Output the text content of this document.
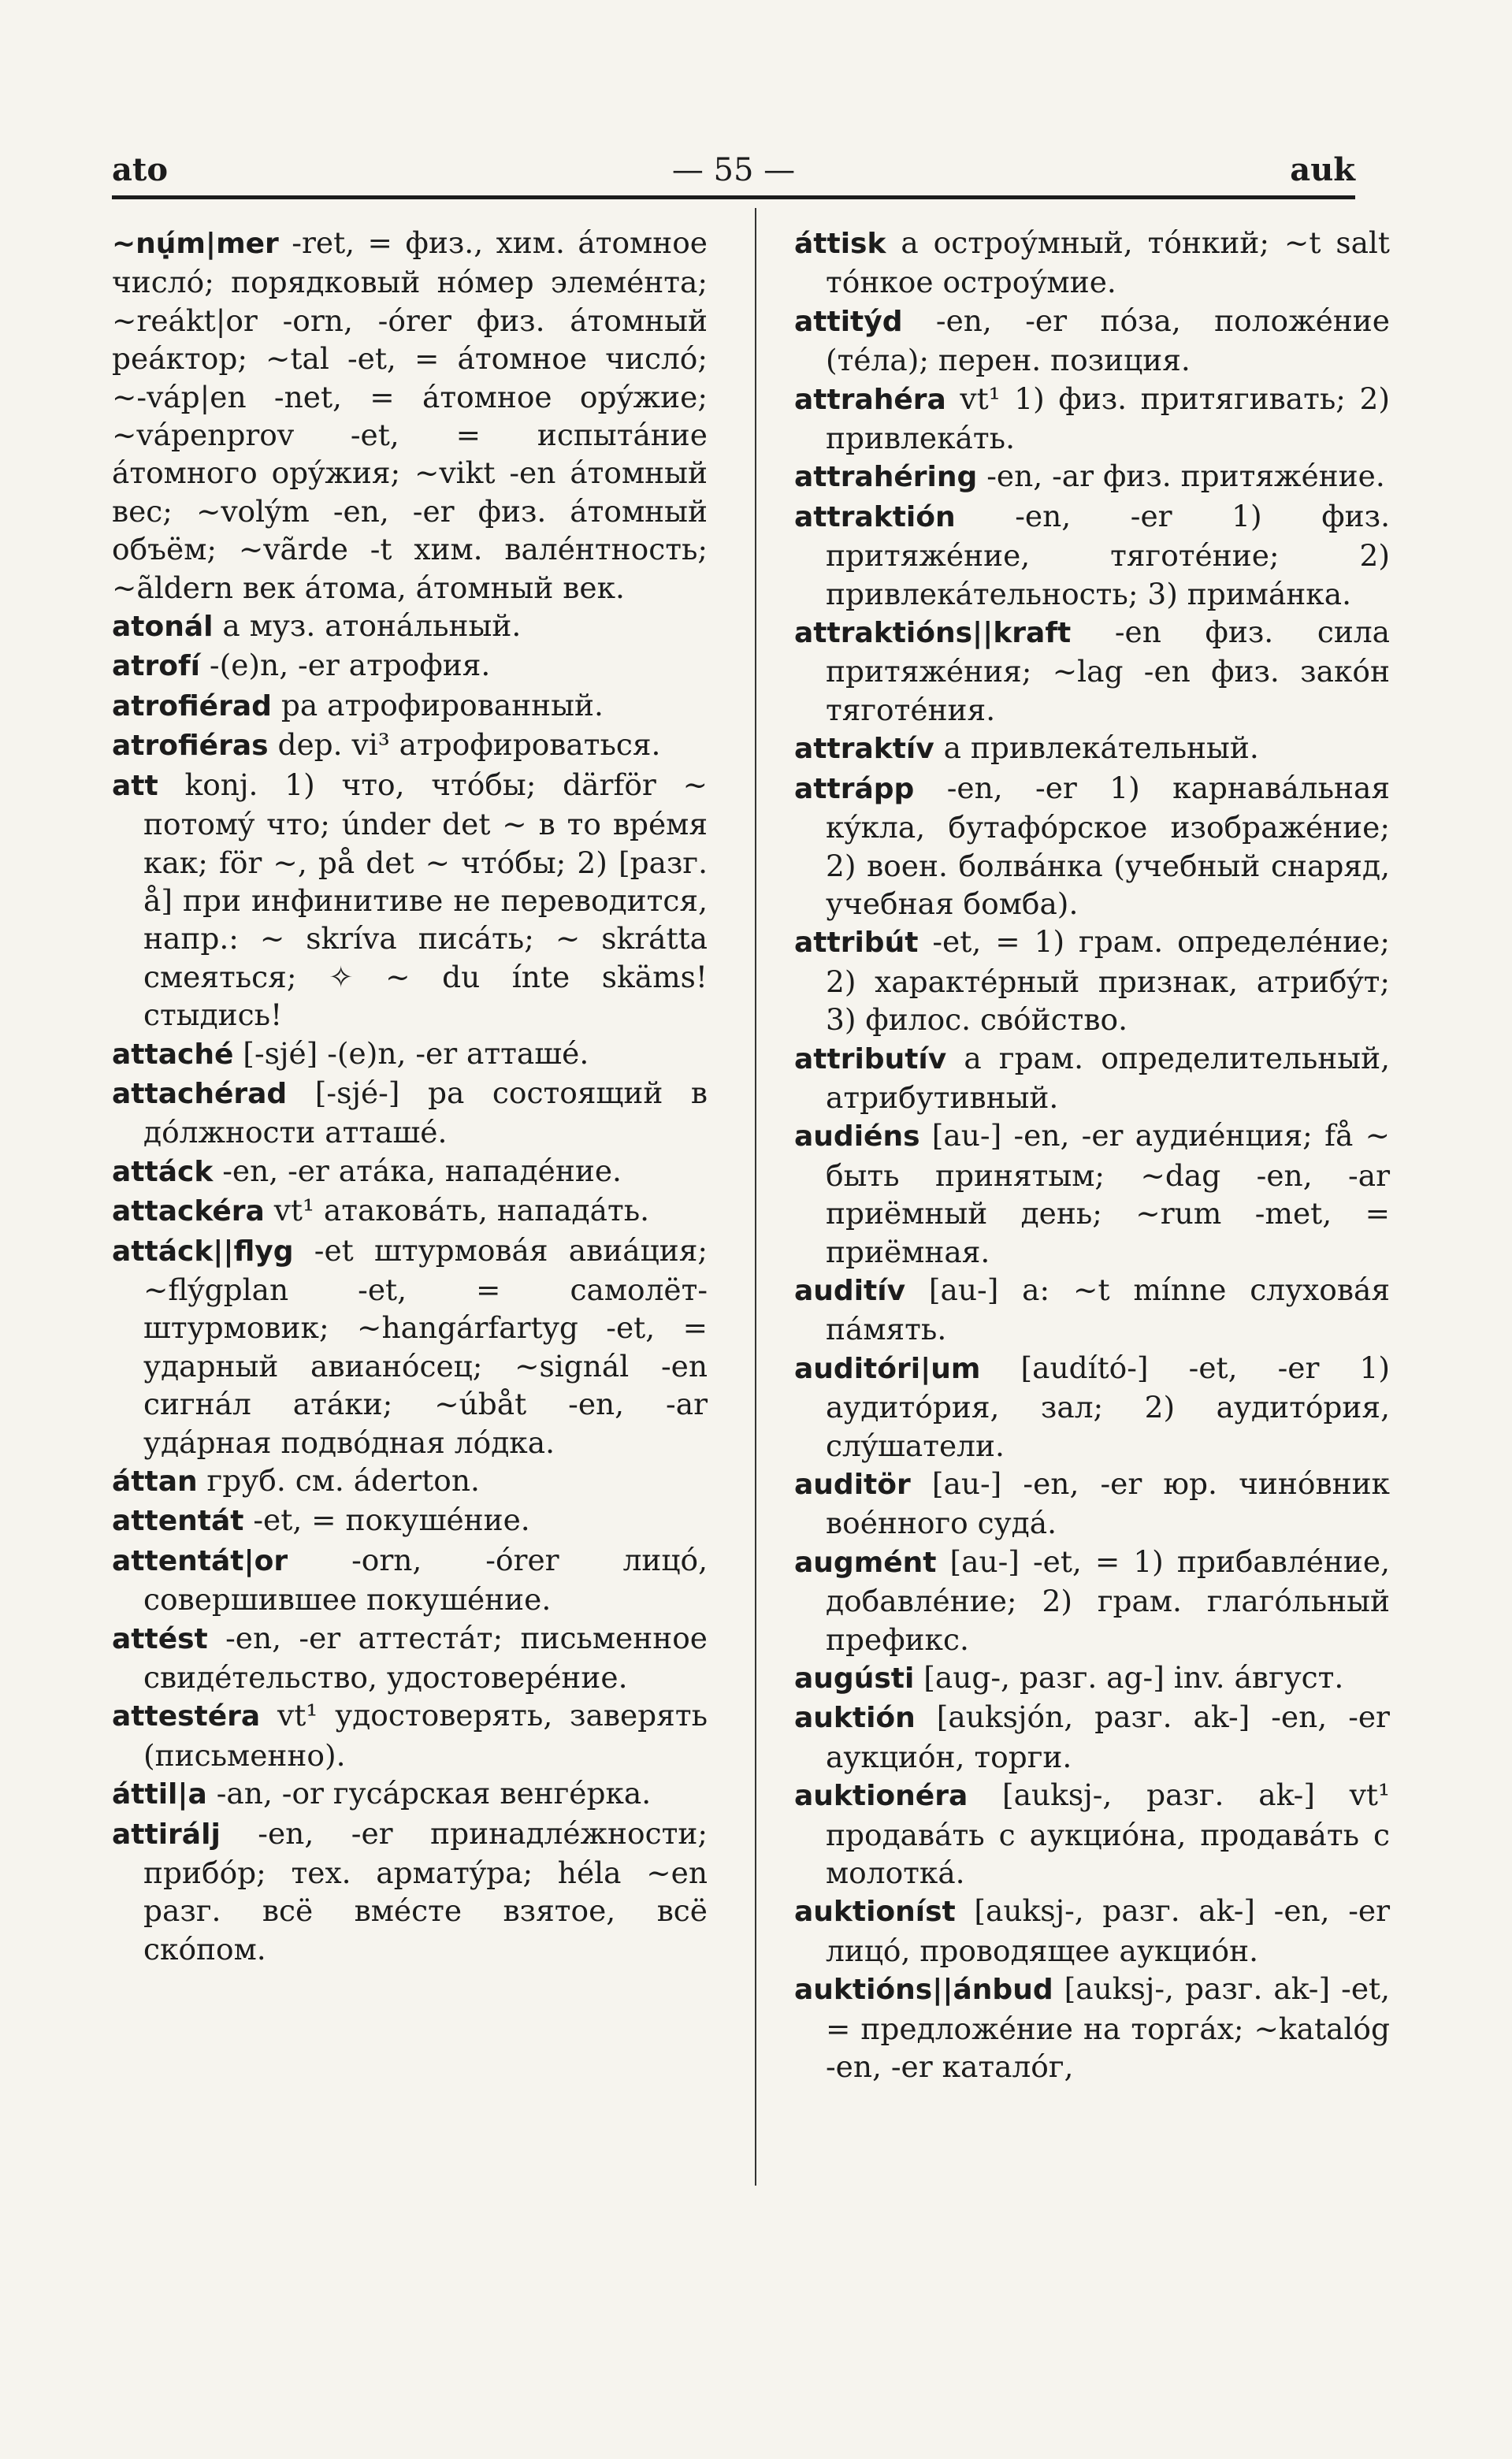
ato	— 55 —	auk

~nụ́m|mer -ret, = физ., хим. áтомное числó; порядковый нóмер элемéнта; ~reákt|or -orn, -órer физ. áтомный реáктор; ~tal -et, = áтомное числó; ~-váp|en -net, = áтомное орýжие; ~vápenprov -et, = испытáние áтомного орýжия; ~vikt -en áтомный вес; ~volým -en, -er физ. áтомный объём; ~vãrde -t хим. валéнтность; ~ãldern век áтома, áтомный век.

atonál a муз. атонáльный.

atrofí -(e)n, -er атрофия.

atrofiérad pa атрофированный.

atrofiéras dep. vi³ атрофироваться.

att konj. 1) что, чтóбы; därför ~ потомý что; únder det ~ в то врéмя как; för ~, på det ~ чтóбы; 2) [разг. å] при инфинитиве не переводится, напр.: ~ skríva писáть; ~ skrátta смеяться; ✧ ~ du ínte skäms! стыдись!

attaché [-sjé] -(e)n, -er атташé.

attachérad [-sjé-] pa состоящий в дóлжности атташé.

attáck -en, -er атáка, нападéние.

attackéra vt¹ атаковáть, нападáть.

attáck||flyg -et штурмовáя авиáция; ~flýgplan -et, = самолёт-штурмовик; ~hangárfartyg -et, = ударный авианóсец; ~signál -en сигнáл атáки; ~úbåt -en, -ar удáрная подвóдная лóдка.

áttan груб. см. áderton.

attentát -et, = покушéние.

attentát|or -orn, -órer лицó, совершившее покушéние.

attést -en, -er аттестáт; письменное свидéтельство, удостоверéние.

attestéra vt¹ удостоверять, заверять (письменно).

áttil|a -an, -or гусáрская венгéрка.

attirálj -en, -er принадлéжности; прибóр; тех. арматýра; héla ~en разг. всё вмéсте взятое, всё скóпом.

áttisk a остроýмный, тóнкий; ~t salt тóнкое остроýмие.

attitýd -en, -er пóза, положéние (тéла); перен. позиция.

attrahéra vt¹ 1) физ. притягивать; 2) привлекáть.

attrahéring -en, -ar физ. притяжéние.

attraktión -en, -er 1) физ. притяжéние, тяготéние; 2) привлекáтельность; 3) примáнка.

attraktións||kraft -en физ. сила притяжéния; ~lag -en физ. закóн тяготéния.

attraktív a привлекáтельный.

attrápp -en, -er 1) карнавáльная кýкла, бутафóрское изображéние; 2) воен. болвáнка (учебный снаряд, учебная бомба).

attribút -et, = 1) грам. определéние; 2) характéрный признак, атрибýт; 3) филос. свóйство.

attributív a грам. определительный, атрибутивный.

audiéns [au-] -en, -er аудиéнция; få ~ быть принятым; ~dag -en, -ar приёмный день; ~rum -met, = приёмная.

auditív [au-] a: ~t mínne слуховáя пáмять.

auditóri|um [audító-] -et, -er 1) аудитóрия, зал; 2) аудитóрия, слýшатели.

auditör [au-] -en, -er юр. чинóвник воéнного судá.

augmént [au-] -et, = 1) прибавлéние, добавлéние; 2) грам. глагóльный префикс.

augústi [aug-, разг. ag-] inv. áвгуст.

auktión [auksjón, разг. ak-] -en, -er аукциóн, торги.

auktionéra [auksj-, разг. ak-] vt¹ продавáть с аукциóна, продавáть с молоткá.

auktioníst [auksj-, разг. ak-] -en, -er лицó, проводящее аукциóн.

auktións||ánbud [auksj-, разг. ak-] -et, = предложéние на торгáх; ~katalóg -en, -er каталóг,
